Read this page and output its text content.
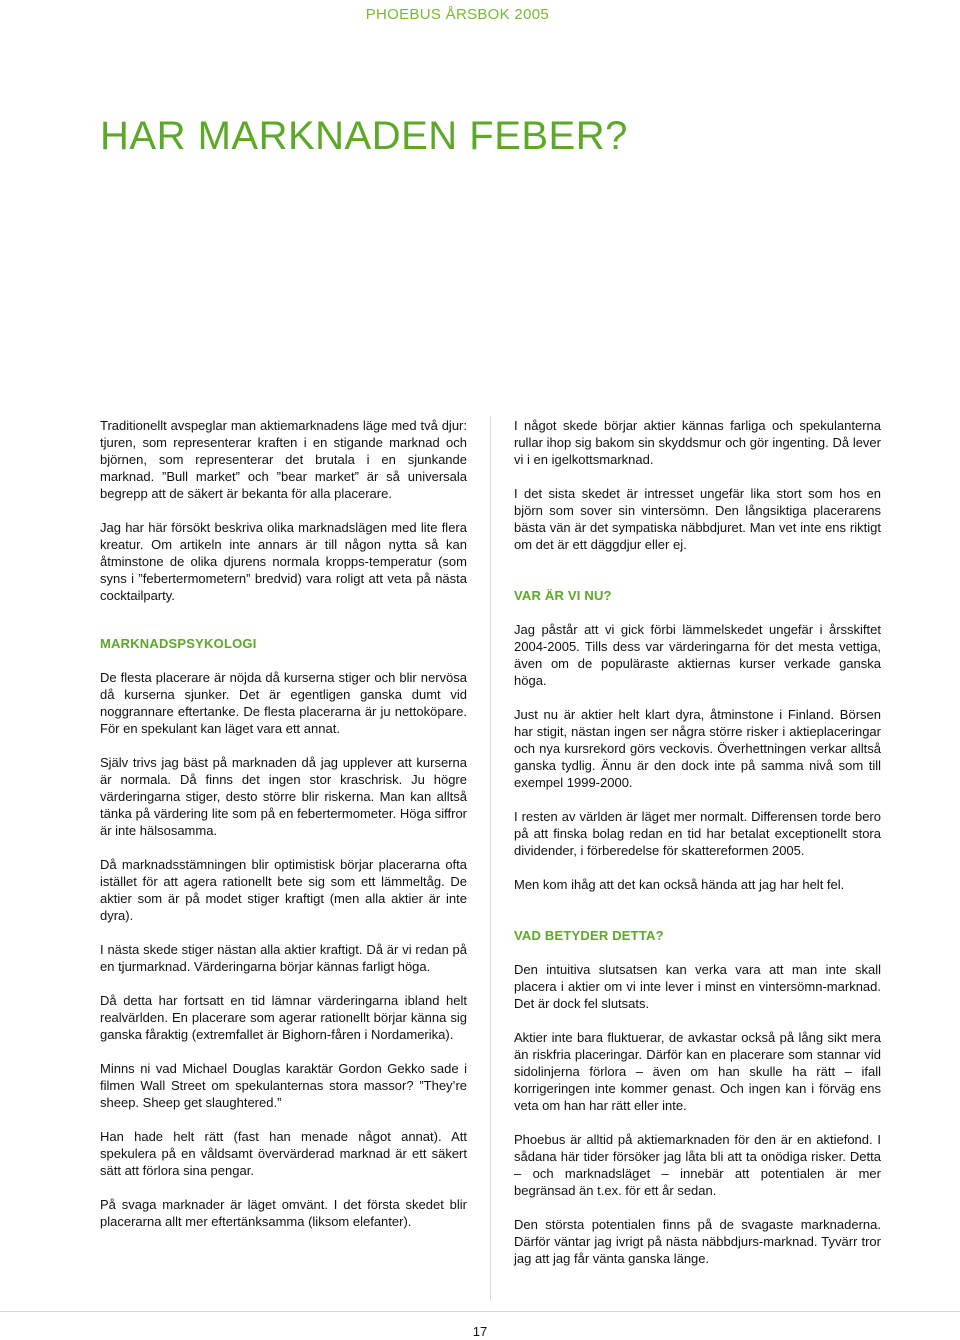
PHOEBUS ÅRSBOK 2005
HAR MARKNADEN FEBER?

Traditionellt avspeglar man aktiemarknadens läge med två djur: tjuren, som representerar kraften i en stigande marknad och björnen, som representerar det brutala i en sjunkande marknad. ”Bull market” och ”bear market” är så universala begrepp att de säkert är bekanta för alla placerare.

Jag har här försökt beskriva olika marknadslägen med lite flera kreatur. Om artikeln inte annars är till någon nytta så kan åtminstone de olika djurens normala kropps-temperatur (som syns i ”febertermometern” bredvid) vara roligt att veta på nästa cocktailparty.

MARKNADSPSYKOLOGI

De flesta placerare är nöjda då kurserna stiger och blir nervösa då kurserna sjunker. Det är egentligen ganska dumt vid noggrannare eftertanke. De flesta placerarna är ju nettoköpare. För en spekulant kan läget vara ett annat.

Själv trivs jag bäst på marknaden då jag upplever att kurserna är normala. Då finns det ingen stor kraschrisk. Ju högre värderingarna stiger, desto större blir riskerna. Man kan alltså tänka på värdering lite som på en febertermometer. Höga siffror är inte hälsosamma.

Då marknadsstämningen blir optimistisk börjar placerarna ofta istället för att agera rationellt bete sig som ett lämmeltåg. De aktier som är på modet stiger kraftigt (men alla aktier är inte dyra).

I nästa skede stiger nästan alla aktier kraftigt. Då är vi redan på en tjurmarknad. Värderingarna börjar kännas farligt höga.

Då detta har fortsatt en tid lämnar värderingarna ibland helt realvärlden. En placerare som agerar rationellt börjar känna sig ganska fåraktig (extremfallet är Bighorn-fåren i Nordamerika).

Minns ni vad Michael Douglas karaktär Gordon Gekko sade i filmen Wall Street om spekulanternas stora massor? ”They’re sheep. Sheep get slaughtered.”

Han hade helt rätt (fast han menade något annat). Att spekulera på en våldsamt övervärderad marknad är ett säkert sätt att förlora sina pengar.

På svaga marknader är läget omvänt. I det första skedet blir placerarna allt mer eftertänksamma (liksom elefanter).

I något skede börjar aktier kännas farliga och spekulanterna rullar ihop sig bakom sin skyddsmur och gör ingenting. Då lever vi i en igelkottsmarknad.

I det sista skedet är intresset ungefär lika stort som hos en björn som sover sin vintersömn. Den långsiktiga placerarens bästa vän är det sympatiska näbbdjuret. Man vet inte ens riktigt om det är ett däggdjur eller ej.

VAR ÄR VI NU?

Jag påstår att vi gick förbi lämmelskedet ungefär i årsskiftet 2004-2005. Tills dess var värderingarna för det mesta vettiga, även om de populäraste aktiernas kurser verkade ganska höga.

Just nu är aktier helt klart dyra, åtminstone i Finland. Börsen har stigit, nästan ingen ser några större risker i aktieplaceringar och nya kursrekord görs veckovis. Överhettningen verkar alltså ganska tydlig. Ännu är den dock inte på samma nivå som till exempel 1999-2000.

I resten av världen är läget mer normalt. Differensen torde bero på att finska bolag redan en tid har betalat exceptionellt stora dividender, i förberedelse för skattereformen 2005.

Men kom ihåg att det kan också hända att jag har helt fel.

VAD BETYDER DETTA?

Den intuitiva slutsatsen kan verka vara att man inte skall placera i aktier om vi inte lever i minst en vintersömn-marknad. Det är dock fel slutsats.

Aktier inte bara fluktuerar, de avkastar också på lång sikt mera än riskfria placeringar. Därför kan en placerare som stannar vid sidolinjerna förlora – även om han skulle ha rätt – ifall korrigeringen inte kommer genast. Och ingen kan i förväg ens veta om han har rätt eller inte.

Phoebus är alltid på aktiemarknaden för den är en aktiefond. I sådana här tider försöker jag låta bli att ta onödiga risker. Detta – och marknadsläget – innebär att potentialen är mer begränsad än t.ex. för ett år sedan.

Den största potentialen finns på de svagaste marknaderna. Därför väntar jag ivrigt på nästa näbbdjurs-marknad. Tyvärr tror jag att jag får vänta ganska länge.

17
